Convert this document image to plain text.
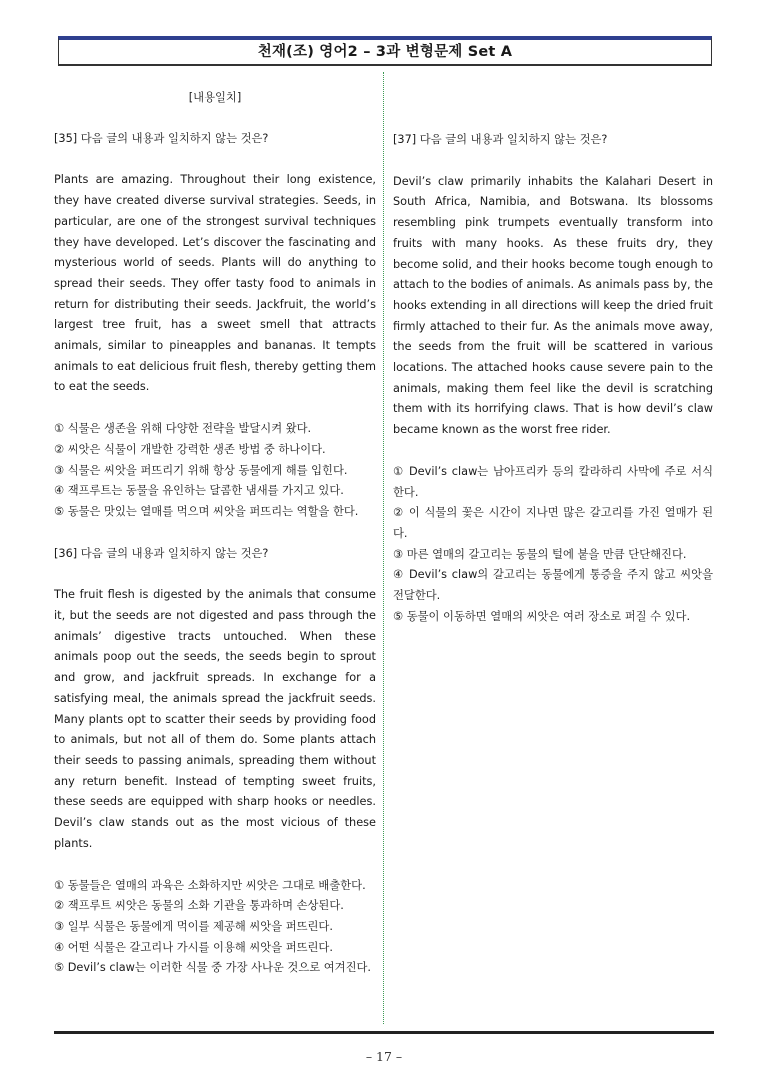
천재(조) 영어2 – 3과 변형문제 Set A
[내용일치]
[35] 다음 글의 내용과 일치하지 않는 것은?
Plants are amazing. Throughout their long existence, they have created diverse survival strategies. Seeds, in particular, are one of the strongest survival techniques they have developed. Let’s discover the fascinating and mysterious world of seeds. Plants will do anything to spread their seeds. They offer tasty food to animals in return for distributing their seeds. Jackfruit, the world’s largest tree fruit, has a sweet smell that attracts animals, similar to pineapples and bananas. It tempts animals to eat delicious fruit flesh, thereby getting them to eat the seeds.
① 식물은 생존을 위해 다양한 전략을 발달시켜 왔다.
② 씨앗은 식물이 개발한 강력한 생존 방법 중 하나이다.
③ 식물은 씨앗을 퍼뜨리기 위해 항상 동물에게 해를 입힌다.
④ 잭프루트는 동물을 유인하는 달콤한 냄새를 가지고 있다.
⑤ 동물은 맛있는 열매를 먹으며 씨앗을 퍼뜨리는 역할을 한다.
[36] 다음 글의 내용과 일치하지 않는 것은?
The fruit flesh is digested by the animals that consume it, but the seeds are not digested and pass through the animals’ digestive tracts untouched. When these animals poop out the seeds, the seeds begin to sprout and grow, and jackfruit spreads. In exchange for a satisfying meal, the animals spread the jackfruit seeds. Many plants opt to scatter their seeds by providing food to animals, but not all of them do. Some plants attach their seeds to passing animals, spreading them without any return benefit. Instead of tempting sweet fruits, these seeds are equipped with sharp hooks or needles. Devil’s claw stands out as the most vicious of these plants.
① 동물들은 열매의 과육은 소화하지만 씨앗은 그대로 배출한다.
② 잭프루트 씨앗은 동물의 소화 기관을 통과하며 손상된다.
③ 일부 식물은 동물에게 먹이를 제공해 씨앗을 퍼뜨린다.
④ 어떤 식물은 갈고리나 가시를 이용해 씨앗을 퍼뜨린다.
⑤ Devil’s claw는 이러한 식물 중 가장 사나운 것으로 여겨진다.
[37] 다음 글의 내용과 일치하지 않는 것은?
Devil’s claw primarily inhabits the Kalahari Desert in South Africa, Namibia, and Botswana. Its blossoms resembling pink trumpets eventually transform into fruits with many hooks. As these fruits dry, they become solid, and their hooks become tough enough to attach to the bodies of animals. As animals pass by, the hooks extending in all directions will keep the dried fruit firmly attached to their fur. As the animals move away, the seeds from the fruit will be scattered in various locations. The attached hooks cause severe pain to the animals, making them feel like the devil is scratching them with its horrifying claws. That is how devil’s claw became known as the worst free rider.
① Devil’s claw는 남아프리카 등의 칼라하리 사막에 주로 서식한다.
② 이 식물의 꽃은 시간이 지나면 많은 갈고리를 가진 열매가 된다.
③ 마른 열매의 갈고리는 동물의 털에 붙을 만큼 단단해진다.
④ Devil’s claw의 갈고리는 동물에게 통증을 주지 않고 씨앗을 전달한다.
⑤ 동물이 이동하면 열매의 씨앗은 여러 장소로 퍼질 수 있다.
– 17 –
